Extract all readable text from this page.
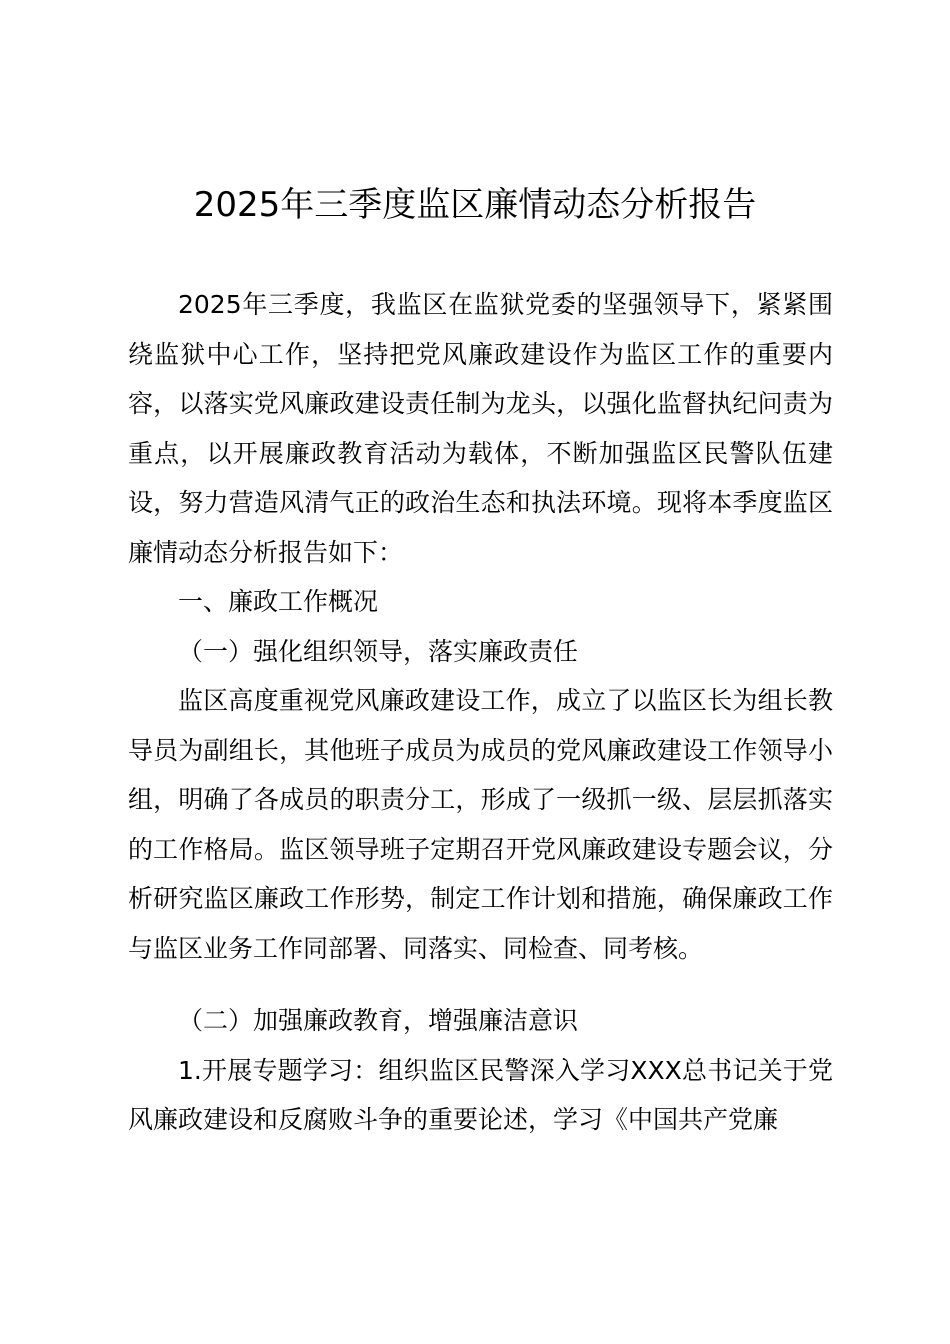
2025年三季度监区廉情动态分析报告

2025年三季度，我监区在监狱党委的坚强领导下，紧紧围绕监狱中心工作，坚持把党风廉政建设作为监区工作的重要内容，以落实党风廉政建设责任制为龙头，以强化监督执纪问责为重点，以开展廉政教育活动为载体，不断加强监区民警队伍建设，努力营造风清气正的政治生态和执法环境。现将本季度监区廉情动态分析报告如下：

一、廉政工作概况

（一）强化组织领导，落实廉政责任

监区高度重视党风廉政建设工作，成立了以监区长为组长教导员为副组长，其他班子成员为成员的党风廉政建设工作领导小组，明确了各成员的职责分工，形成了一级抓一级、层层抓落实的工作格局。监区领导班子定期召开党风廉政建设专题会议，分析研究监区廉政工作形势，制定工作计划和措施，确保廉政工作与监区业务工作同部署、同落实、同检查、同考核。

（二）加强廉政教育，增强廉洁意识

1.开展专题学习：组织监区民警深入学习XXX总书记关于党风廉政建设和反腐败斗争的重要论述，学习《中国共产党廉
